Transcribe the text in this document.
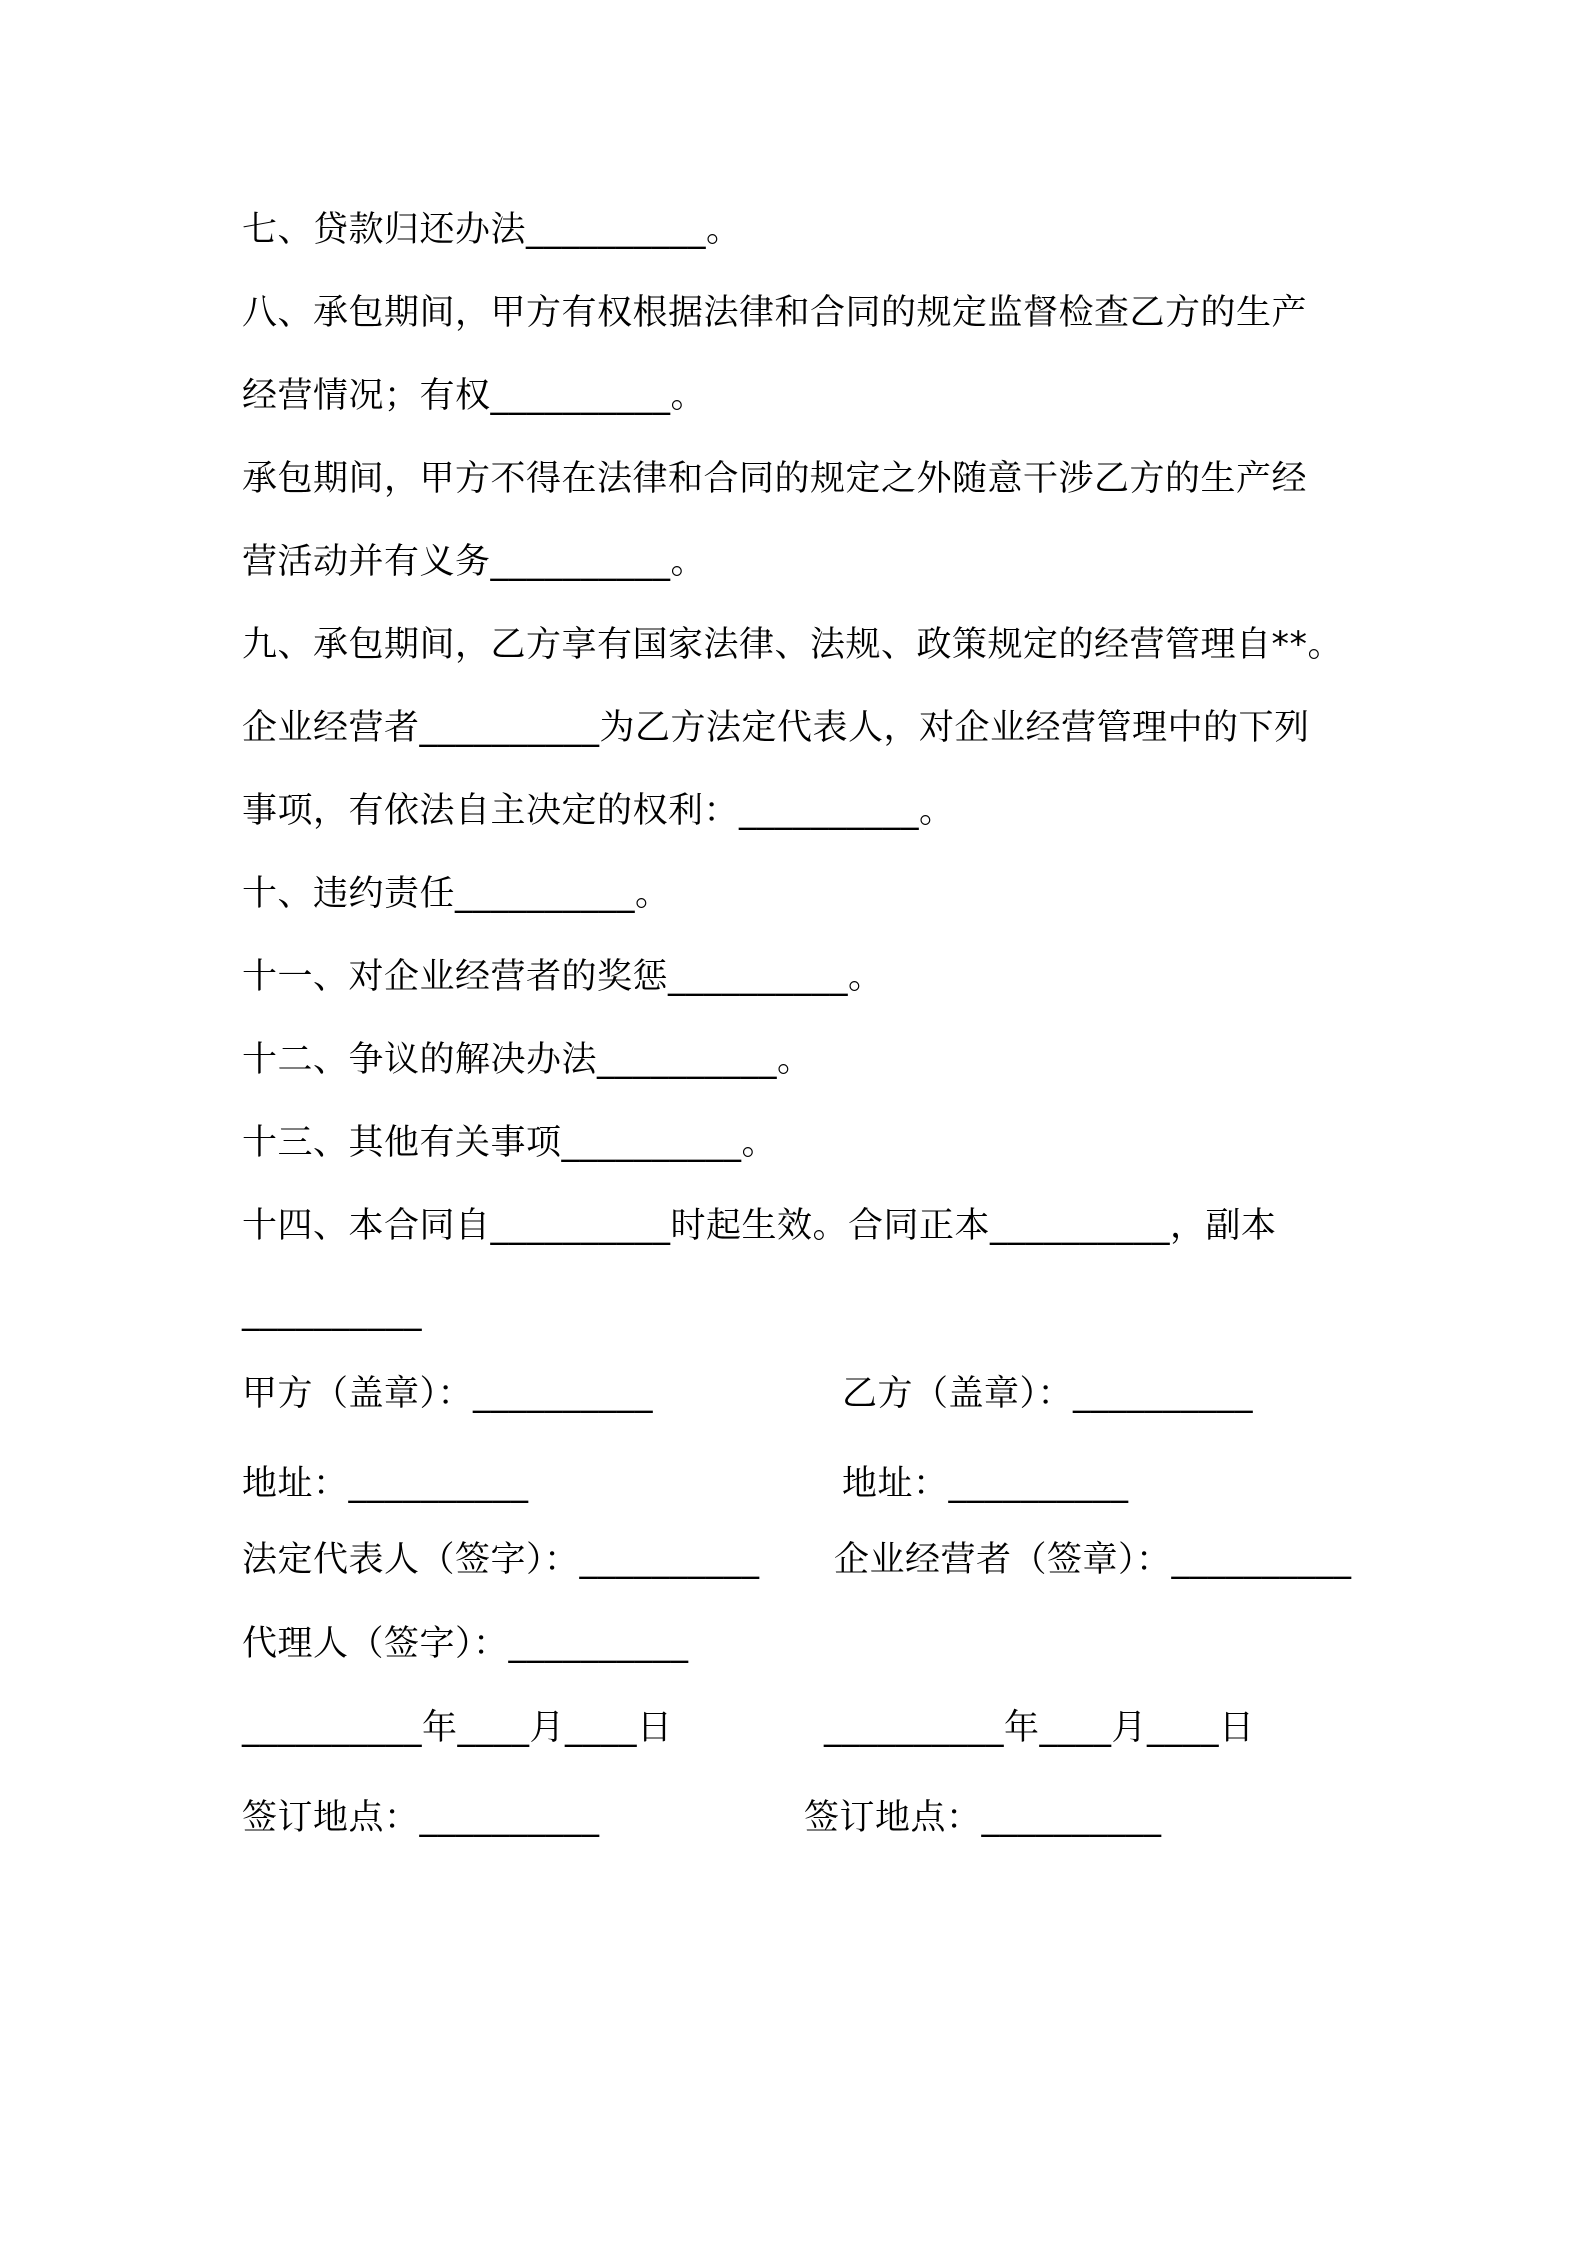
七、贷款归还办法__________。
八、承包期间，甲方有权根据法律和合同的规定监督检查乙方的生产
经营情况；有权__________。
承包期间，甲方不得在法律和合同的规定之外随意干涉乙方的生产经
营活动并有义务__________。
九、承包期间，乙方享有国家法律、法规、政策规定的经营管理自**。
企业经营者__________为乙方法定代表人，对企业经营管理中的下列
事项，有依法自主决定的权利：__________。
十、违约责任__________。
十一、对企业经营者的奖惩__________。
十二、争议的解决办法__________。
十三、其他有关事项__________。
十四、本合同自__________时起生效。合同正本__________，副本
__________
甲方（盖章）：__________	乙方（盖章）：__________
地址：__________	地址：__________
法定代表人（签字）：__________ 企业经营者（签章）：__________
代理人（签字）：__________
__________年____月____日	__________年____月____日
签订地点：__________	签订地点：__________
